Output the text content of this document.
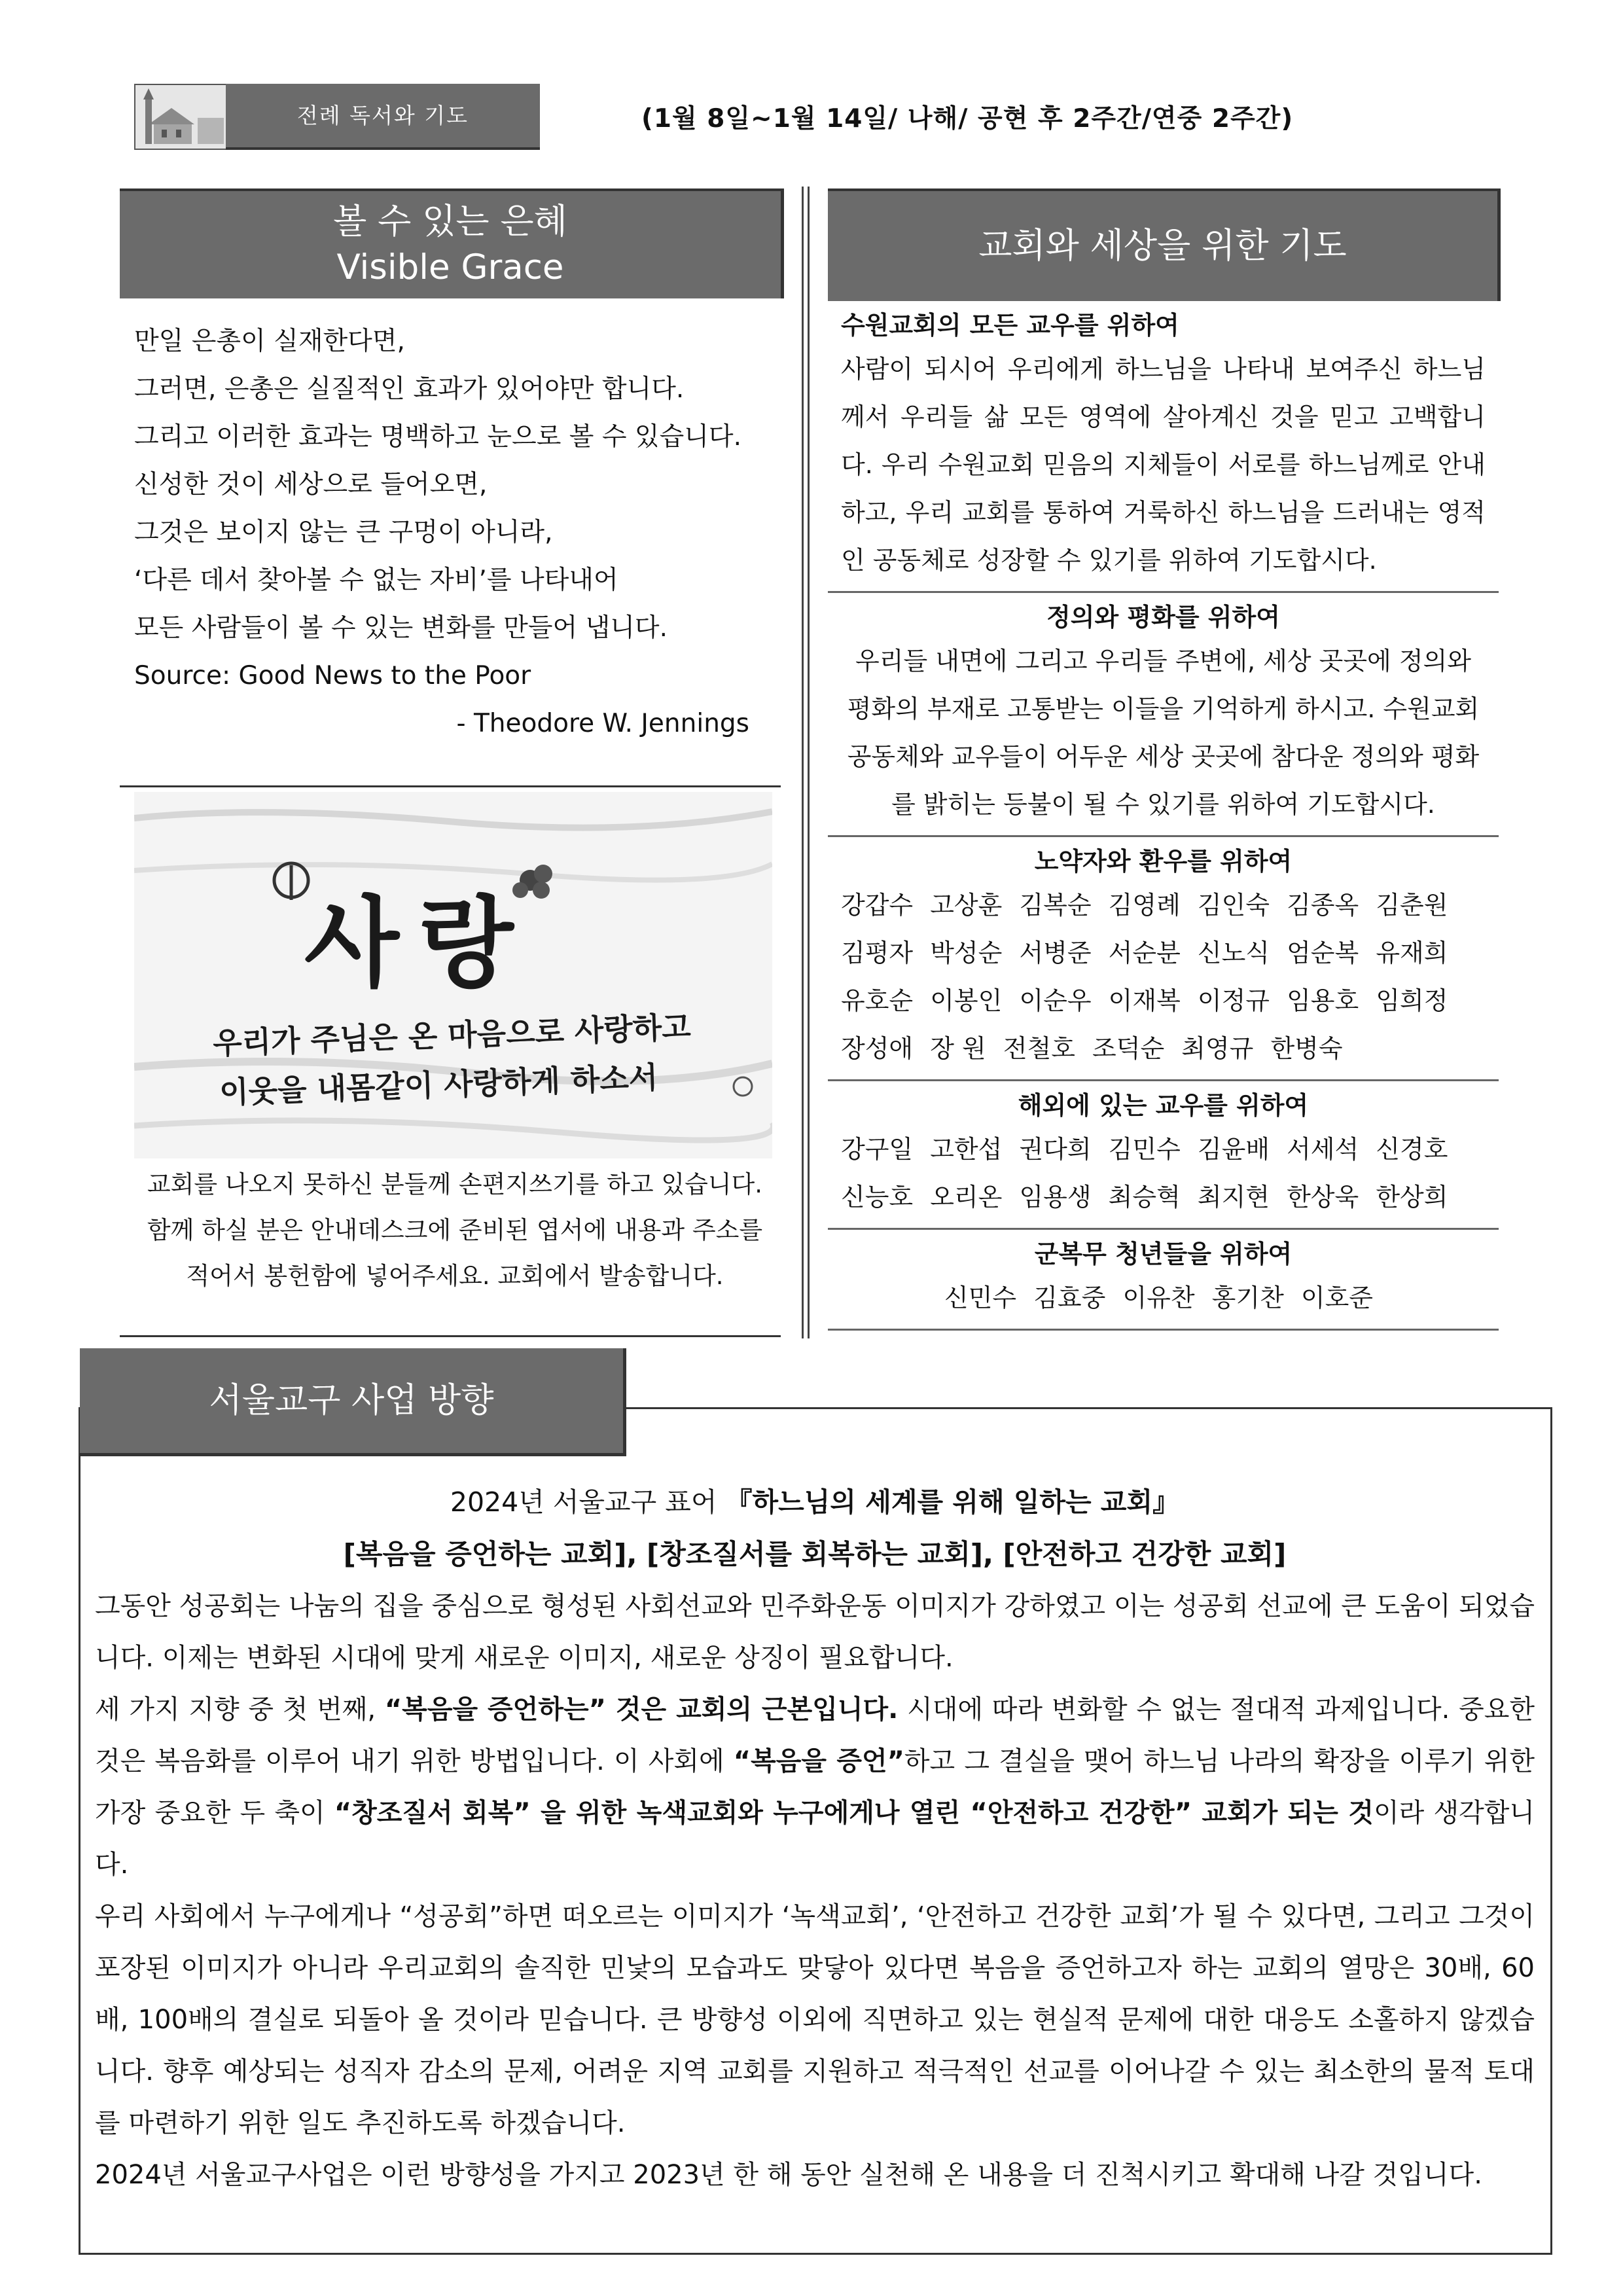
전례 독서와 기도	(1월 8일~1월 14일/ 나해/ 공현 후 2주간/연중 2주간)
볼 수 있는 은혜
Visible Grace
만일 은총이 실재한다면,
그러면, 은총은 실질적인 효과가 있어야만 합니다.
그리고 이러한 효과는 명백하고 눈으로 볼 수 있습니다.
신성한 것이 세상으로 들어오면,
그것은 보이지 않는 큰 구멍이 아니라,
‘다른 데서 찾아볼 수 없는 자비’를 나타내어
모든 사람들이 볼 수 있는 변화를 만들어 냅니다.
Source: Good News to the Poor
- Theodore W. Jennings
사랑
우리가 주님은 온 마음으로 사랑하고
이웃을 내몸같이 사랑하게 하소서
교회를 나오지 못하신 분들께 손편지쓰기를 하고 있습니다.
함께 하실 분은 안내데스크에 준비된 엽서에 내용과 주소를
적어서 봉헌함에 넣어주세요. 교회에서 발송합니다.
교회와 세상을 위한 기도
수원교회의 모든 교우를 위하여
사람이 되시어 우리에게 하느님을 나타내 보여주신 하느님께서 우리들 삶 모든 영역에 살아계신 것을 믿고 고백합니다. 우리 수원교회 믿음의 지체들이 서로를 하느님께로 안내하고, 우리 교회를 통하여 거룩하신 하느님을 드러내는 영적인 공동체로 성장할 수 있기를 위하여 기도합시다.
정의와 평화를 위하여
우리들 내면에 그리고 우리들 주변에, 세상 곳곳에 정의와 평화의 부재로 고통받는 이들을 기억하게 하시고. 수원교회 공동체와 교우들이 어두운 세상 곳곳에 참다운 정의와 평화를 밝히는 등불이 될 수 있기를 위하여 기도합시다.
노약자와 환우를 위하여
강갑수 고상훈 김복순 김영례 김인숙 김종옥 김춘원 김평자 박성순 서병준 서순분 신노식 엄순복 유재희 유호순 이봉인 이순우 이재복 이정규 임용호 임희정 장성애 장 원 전철호 조덕순 최영규 한병숙
해외에 있는 교우를 위하여
강구일 고한섭 권다희 김민수 김윤배 서세석 신경호 신능호 오리온 임용생 최승혁 최지현 한상욱 한상희
군복무 청년들을 위하여
신민수 김효중 이유찬 홍기찬 이호준
서울교구 사업 방향
2024년 서울교구 표어 『하느님의 세계를 위해 일하는 교회』
[복음을 증언하는 교회], [창조질서를 회복하는 교회], [안전하고 건강한 교회]
그동안 성공회는 나눔의 집을 중심으로 형성된 사회선교와 민주화운동 이미지가 강하였고 이는 성공회 선교에 큰 도움이 되었습니다. 이제는 변화된 시대에 맞게 새로운 이미지, 새로운 상징이 필요합니다.
세 가지 지향 중 첫 번째, “복음을 증언하는” 것은 교회의 근본입니다. 시대에 따라 변화할 수 없는 절대적 과제입니다. 중요한 것은 복음화를 이루어 내기 위한 방법입니다. 이 사회에 “복음을 증언”하고 그 결실을 맺어 하느님 나라의 확장을 이루기 위한 가장 중요한 두 축이 “창조질서 회복” 을 위한 녹색교회와 누구에게나 열린 “안전하고 건강한” 교회가 되는 것이라 생각합니다.
우리 사회에서 누구에게나 “성공회”하면 떠오르는 이미지가 ‘녹색교회’, ‘안전하고 건강한 교회’가 될 수 있다면, 그리고 그것이 포장된 이미지가 아니라 우리교회의 솔직한 민낯의 모습과도 맞닿아 있다면 복음을 증언하고자 하는 교회의 열망은 30배, 60배, 100배의 결실로 되돌아 올 것이라 믿습니다. 큰 방향성 이외에 직면하고 있는 현실적 문제에 대한 대응도 소홀하지 않겠습니다. 향후 예상되는 성직자 감소의 문제, 어려운 지역 교회를 지원하고 적극적인 선교를 이어나갈 수 있는 최소한의 물적 토대를 마련하기 위한 일도 추진하도록 하겠습니다.
2024년 서울교구사업은 이런 방향성을 가지고 2023년 한 해 동안 실천해 온 내용을 더 진척시키고 확대해 나갈 것입니다.
